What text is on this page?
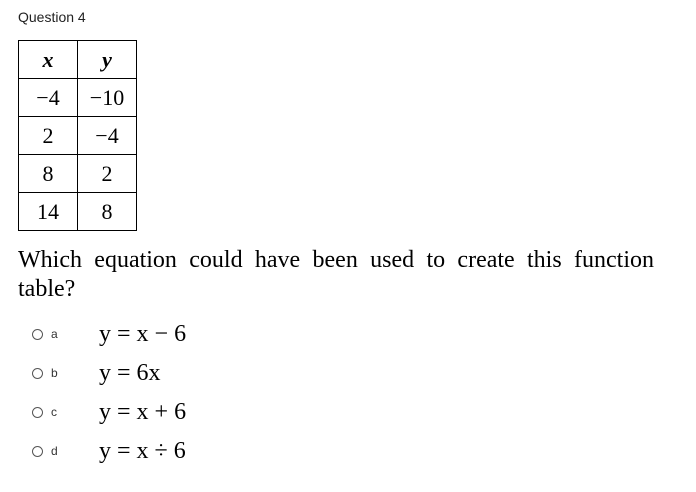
Question 4
x	y
−4	−10
2	−4
8	2
14	8
Which equation could have been used to create this function table?
a	y = x − 6
b	y = 6x
c	y = x + 6
d	y = x ÷ 6
